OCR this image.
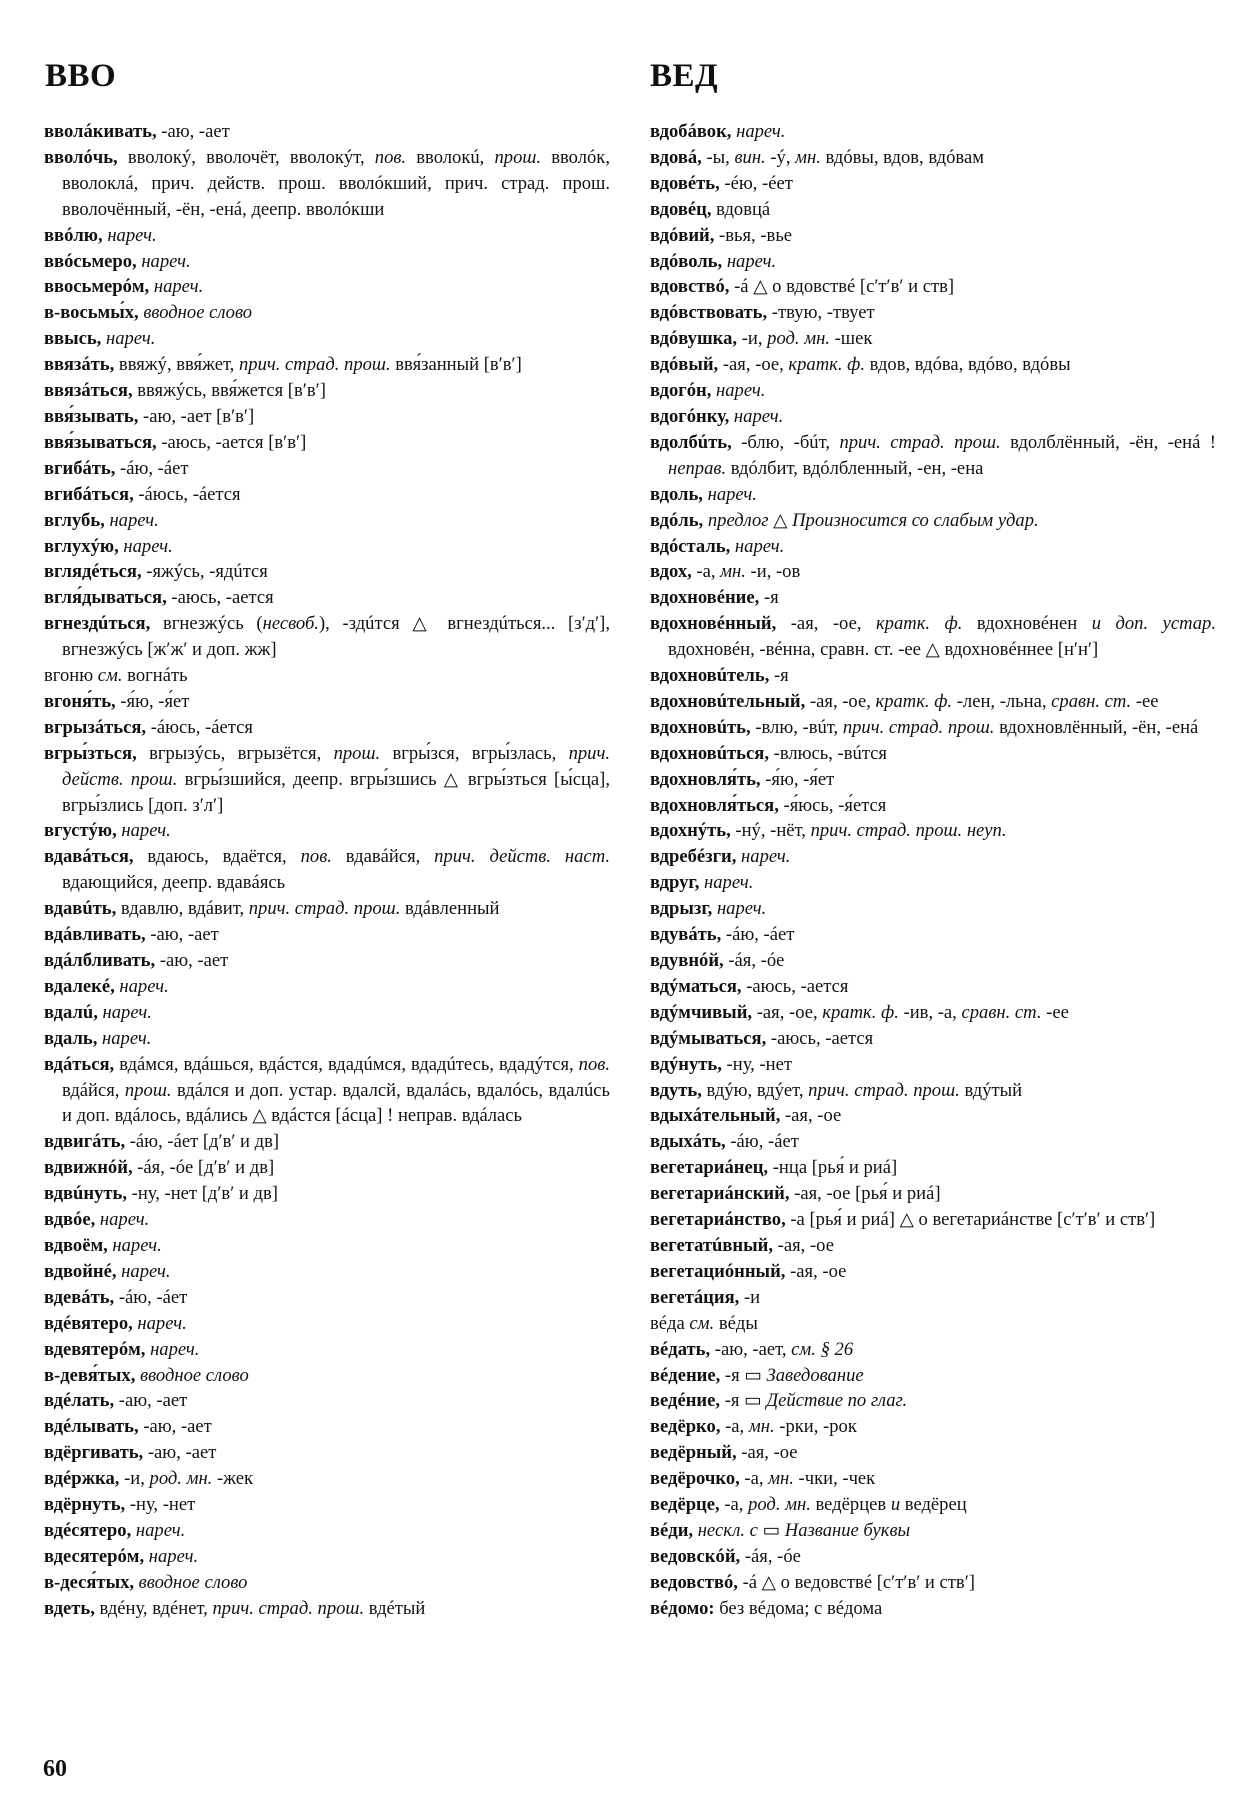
ВВО	ВЕД
вволáкивать, -аю, -ает
вволóчь, вволокý, вволочёт, вволокýт, пов. вволокú, прош. вволóк, вволоклá, прич. действ. прош. вволóкший, прич. страд. прош. вволочённый, -ён, -енá, деепр. вволóкши
ввóлю, нареч.
ввóсьмеро, нареч.
ввосьмерóм, нареч.
в-восьмы́х, вводное слово
ввысь, нареч.
ввязáть, ввяжý, ввя́жет, прич. страд. прош. ввя́занный [вʹвʹ]
ввязáться, ввяжýсь, ввя́жется [вʹвʹ]
ввя́зывать, -аю, -ает [вʹвʹ]
ввя́зываться, -аюсь, -ается [вʹвʹ]
вгибáть, -áю, -áет
вгибáться, -áюсь, -áется
вглубь, нареч.
вглухýю, нареч.
вглядéться, -яжýсь, -ядúтся
вгля́дываться, -аюсь, -ается
вгнездúться, вгнезжýсь (несвоб.), -здúтся △ вгнездúться... [зʹдʹ], вгнезжýсь [жʹжʹ и доп. жж]
вгоню см. вогнáть
вгоня́ть, -я́ю, -я́ет
вгрызáться, -áюсь, -áется
вгры́зться, вгрызýсь, вгрызётся, прош. вгры́зся, вгры́злась, прич. действ. прош. вгры́зшийся, деепр. вгры́зшись △ вгры́зться [ы́сца], вгры́злись [доп. зʹлʹ]
вгустýю, нареч.
вдавáться, вдаюсь, вдаётся, пов. вдавáйся, прич. действ. наст. вдающийся, деепр. вдавáясь
вдавúть, вдавлю, вдáвит, прич. страд. прош. вдáвленный
вдáвливать, -аю, -ает
вдáлбливать, -аю, -ает
вдалекé, нареч.
вдалú, нареч.
вдаль, нареч.
вдáться, вдáмся, вдáшься, вдáстся, вдадúмся, вдадúтесь, вдадýтся, пов. вдáйся, прош. вдáлся и доп. устар. вдалсй, вдалáсь, вдалóсь, вдалúсь и доп. вдáлось, вдáлись △ вдáстся [áсца] ! неправ. вдáлась
вдвигáть, -áю, -áет [дʹвʹ и дв]
вдвижнóй, -áя, -óе [дʹвʹ и дв]
вдвúнуть, -ну, -нет [дʹвʹ и дв]
вдвóе, нареч.
вдвоём, нареч.
вдвойнé, нареч.
вдевáть, -áю, -áет
вдéвятеро, нареч.
вдевятерóм, нареч.
в-девя́тых, вводное слово
вдéлать, -аю, -ает
вдéлывать, -аю, -ает
вдёргивать, -аю, -ает
вдéржка, -и, род. мн. -жек
вдёрнуть, -ну, -нет
вдéсятеро, нареч.
вдесятерóм, нареч.
в-деся́тых, вводное слово
вдеть, вдéну, вдéнет, прич. страд. прош. вдéтый
вдобáвок, нареч.
вдовá, -ы, вин. -ý, мн. вдóвы, вдов, вдóвам
вдовéть, -éю, -éет
вдовéц, вдовцá
вдóвий, -вья, -вье
вдóволь, нареч.
вдовствó, -á △ о вдовствé [сʹтʹвʹ и ств]
вдóвствовать, -твую, -твует
вдóвушка, -и, род. мн. -шек
вдóвый, -ая, -ое, кратк. ф. вдов, вдóва, вдóво, вдóвы
вдогóн, нареч.
вдогóнку, нареч.
вдолбúть, -блю, -бúт, прич. страд. прош. вдолблённый, -ён, -енá ! неправ. вдóлбит, вдóлбленный, -ен, -ена
вдоль, нареч.
вдóль, предлог △ Произносится со слабым удар.
вдóсталь, нареч.
вдох, -а, мн. -и, -ов
вдохновéние, -я
вдохновéнный, -ая, -ое, кратк. ф. вдохновéнен и доп. устар. вдохновéн, -вéнна, сравн. ст. -ее △ вдохновéннее [нʹнʹ]
вдохновúтель, -я
вдохновúтельный, -ая, -ое, кратк. ф. -лен, -льна, сравн. ст. -ее
вдохновúть, -влю, -вúт, прич. страд. прош. вдохновлённый, -ён, -енá
вдохновúться, -влюсь, -вúтся
вдохновля́ть, -я́ю, -я́ет
вдохновля́ться, -я́юсь, -я́ется
вдохнýть, -нý, -нёт, прич. страд. прош. неуп.
вдребéзги, нареч.
вдруг, нареч.
вдрызг, нареч.
вдувáть, -áю, -áет
вдувнóй, -áя, -óе
вдýматься, -аюсь, -ается
вдýмчивый, -ая, -ое, кратк. ф. -ив, -а, сравн. ст. -ее
вдýмываться, -аюсь, -ается
вдýнуть, -ну, -нет
вдуть, вдýю, вдýет, прич. страд. прош. вдýтый
вдыхáтельный, -ая, -ое
вдыхáть, -áю, -áет
вегетариáнец, -нца [рья́ и риá]
вегетариáнский, -ая, -ое [рья́ и риá]
вегетариáнство, -а [рья́ и риá] △ о вегетариáнстве [сʹтʹвʹ и ствʹ]
вегетатúвный, -ая, -ое
вегетациóнный, -ая, -ое
вегетáция, -и
вéда см. вéды
вéдать, -аю, -ает, см. § 26
вéдение, -я ▭ Заведование
ведéние, -я ▭ Действие по глаг.
ведёрко, -а, мн. -рки, -рок
ведёрный, -ая, -ое
ведёрочко, -а, мн. -чки, -чек
ведёрце, -а, род. мн. ведёрцев и ведёрец
вéди, нескл. с ▭ Название буквы
ведовскóй, -áя, -óе
ведовствó, -á △ о ведовствé [сʹтʹвʹ и ствʹ]
вéдомо: без вéдома; с вéдома
60
